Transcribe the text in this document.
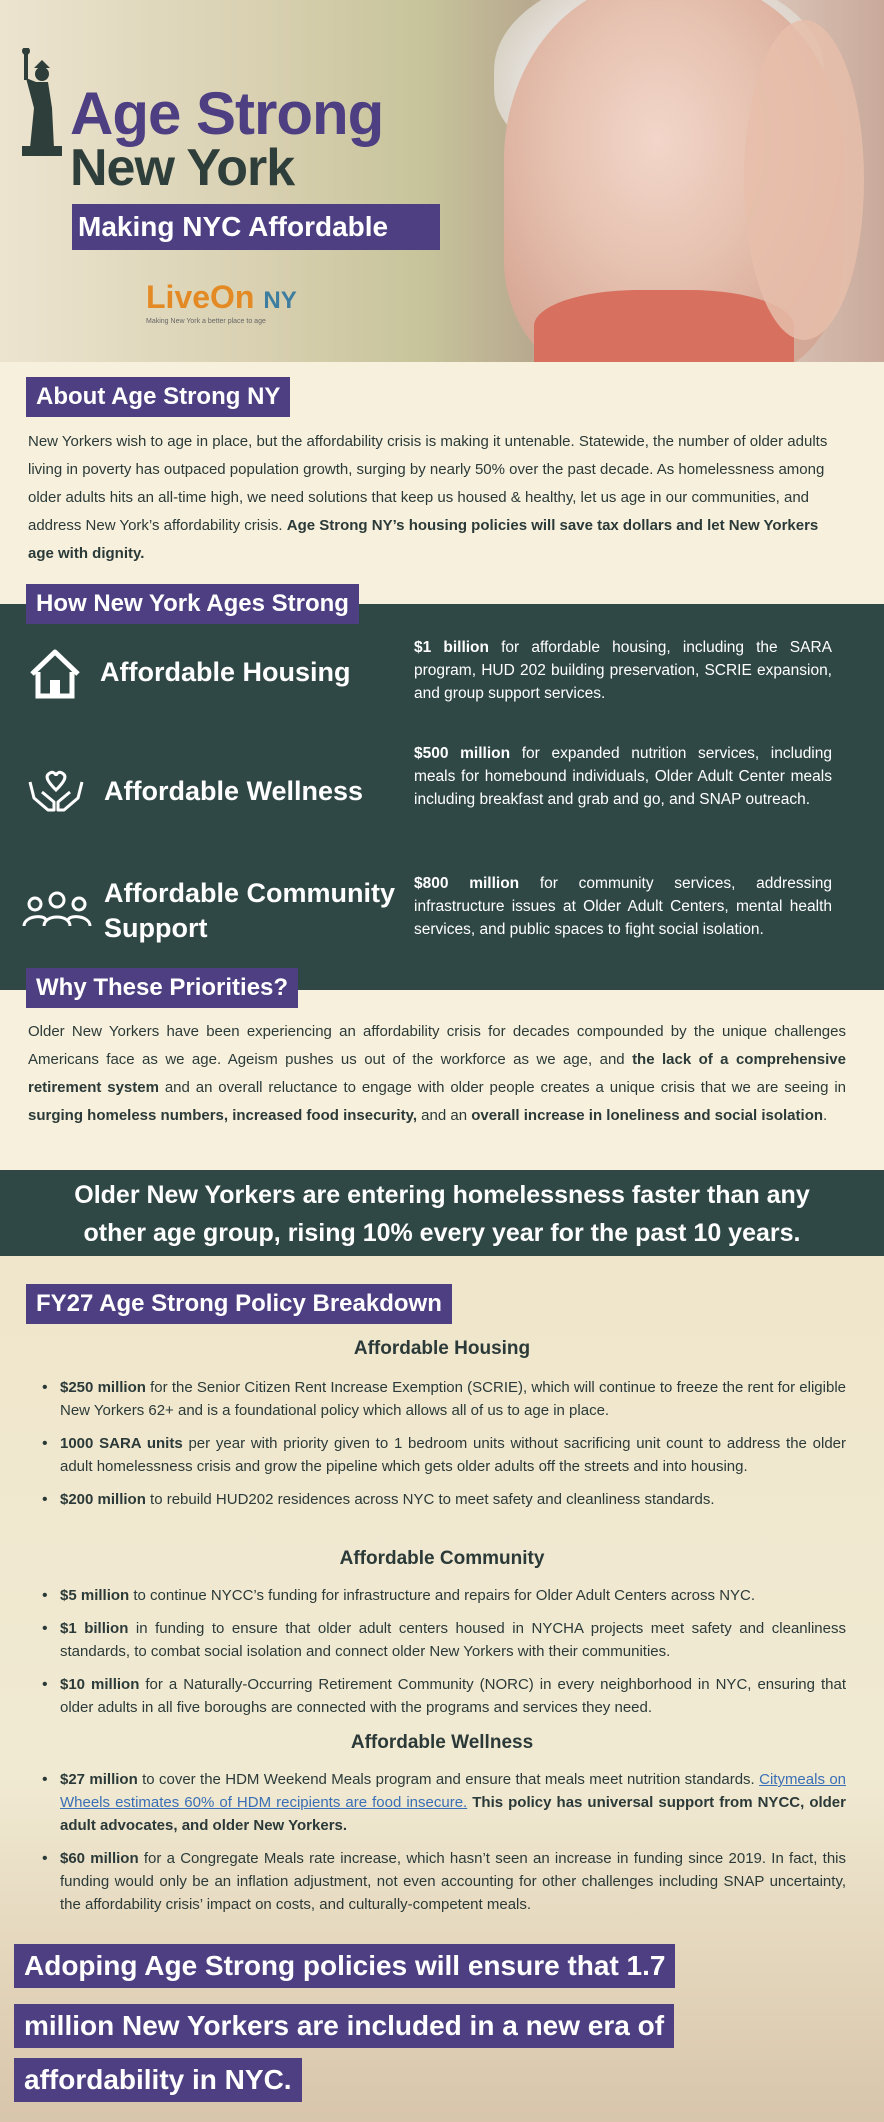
Age Strong
New York
Making NYC Affordable
LiveOn NY
Making New York a better place to age
About Age Strong NY
New Yorkers wish to age in place, but the affordability crisis is making it untenable. Statewide, the number of older adults living in poverty has outpaced population growth, surging by nearly 50% over the past decade. As homelessness among older adults hits an all-time high, we need solutions that keep us housed & healthy, let us age in our communities, and address New York’s affordability crisis. Age Strong NY’s housing policies will save tax dollars and let New Yorkers age with dignity.
How New York Ages Strong
Affordable Housing
$1 billion for affordable housing, including the SARA program, HUD 202 building preservation, SCRIE expansion, and group support services.
Affordable Wellness
$500 million for expanded nutrition services, including meals for homebound individuals, Older Adult Center meals including breakfast and grab and go, and SNAP outreach.
Affordable Community Support
$800 million for community services, addressing infrastructure issues at Older Adult Centers, mental health services, and public spaces to fight social isolation.
Why These Priorities?
Older New Yorkers have been experiencing an affordability crisis for decades compounded by the unique challenges Americans face as we age. Ageism pushes us out of the workforce as we age, and the lack of a comprehensive retirement system and an overall reluctance to engage with older people creates a unique crisis that we are seeing in surging homeless numbers, increased food insecurity, and an overall increase in loneliness and social isolation.
Older New Yorkers are entering homelessness faster than any other age group, rising 10% every year for the past 10 years.
FY27 Age Strong Policy Breakdown
Affordable Housing
• $250 million for the Senior Citizen Rent Increase Exemption (SCRIE), which will continue to freeze the rent for eligible New Yorkers 62+ and is a foundational policy which allows all of us to age in place.
• 1000 SARA units per year with priority given to 1 bedroom units without sacrificing unit count to address the older adult homelessness crisis and grow the pipeline which gets older adults off the streets and into housing.
• $200 million to rebuild HUD202 residences across NYC to meet safety and cleanliness standards.
Affordable Community
• $5 million to continue NYCC’s funding for infrastructure and repairs for Older Adult Centers across NYC.
• $1 billion in funding to ensure that older adult centers housed in NYCHA projects meet safety and cleanliness standards, to combat social isolation and connect older New Yorkers with their communities.
• $10 million for a Naturally-Occurring Retirement Community (NORC) in every neighborhood in NYC, ensuring that older adults in all five boroughs are connected with the programs and services they need.
Affordable Wellness
• $27 million to cover the HDM Weekend Meals program and ensure that meals meet nutrition standards. Citymeals on Wheels estimates 60% of HDM recipients are food insecure. This policy has universal support from NYCC, older adult advocates, and older New Yorkers.
• $60 million for a Congregate Meals rate increase, which hasn’t seen an increase in funding since 2019. In fact, this funding would only be an inflation adjustment, not even accounting for other challenges including SNAP uncertainty, the affordability crisis’ impact on costs, and culturally-competent meals.
Adoping Age Strong policies will ensure that 1.7
million New Yorkers are included in a new era of
affordability in NYC.
